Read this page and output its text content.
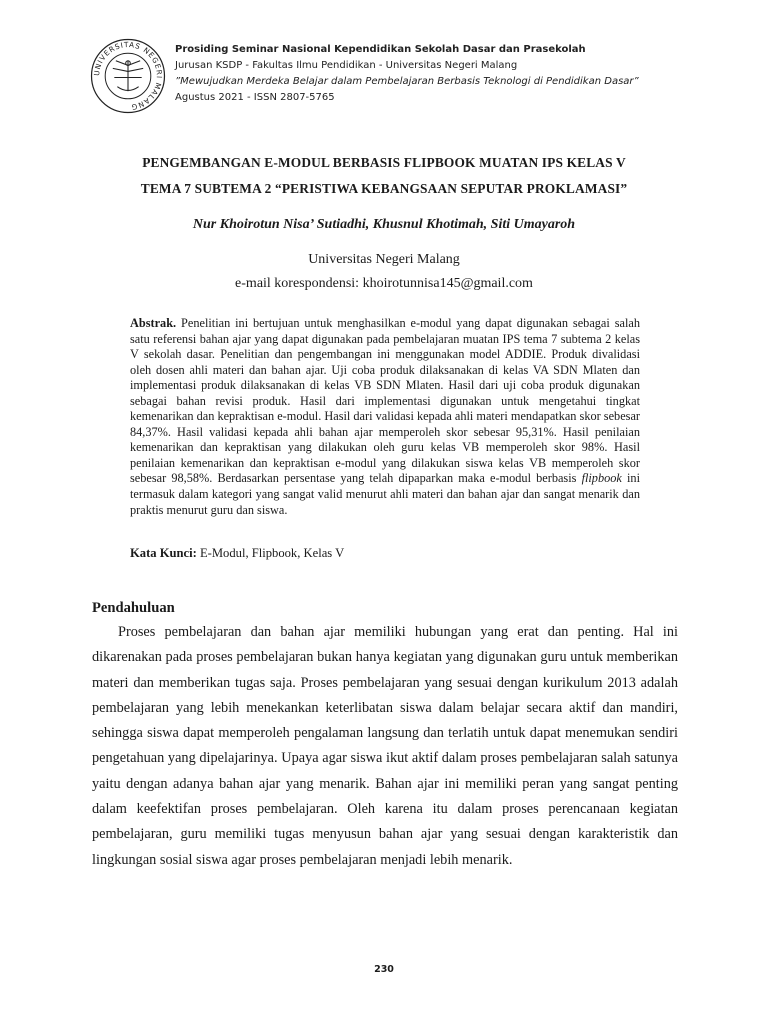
UNIVERSITAS NEGERI MALANG
Prosiding Seminar Nasional Kependidikan Sekolah Dasar dan Prasekolah
Jurusan KSDP - Fakultas Ilmu Pendidikan - Universitas Negeri Malang
”Mewujudkan Merdeka Belajar dalam Pembelajaran Berbasis Teknologi di Pendidikan Dasar”
Agustus 2021 - ISSN 2807-5765
PENGEMBANGAN E-MODUL BERBASIS FLIPBOOK MUATAN IPS KELAS V
TEMA 7 SUBTEMA 2 “PERISTIWA KEBANGSAAN SEPUTAR PROKLAMASI”
Nur Khoirotun Nisa’ Sutiadhi, Khusnul Khotimah, Siti Umayaroh
Universitas Negeri Malang
e-mail korespondensi: khoirotunnisa145@gmail.com
Abstrak. Penelitian ini bertujuan untuk menghasilkan e-modul yang dapat digunakan sebagai salah satu referensi bahan ajar yang dapat digunakan pada pembelajaran muatan IPS tema 7 subtema 2 kelas V sekolah dasar. Penelitian dan pengembangan ini menggunakan model ADDIE. Produk divalidasi oleh dosen ahli materi dan bahan ajar. Uji coba produk dilaksanakan di kelas VA SDN Mlaten dan implementasi produk dilaksanakan di kelas VB SDN Mlaten. Hasil dari uji coba produk digunakan sebagai bahan revisi produk. Hasil dari implementasi digunakan untuk mengetahui tingkat kemenarikan dan kepraktisan e-modul. Hasil dari validasi kepada ahli materi mendapatkan skor sebesar 84,37%. Hasil validasi kepada ahli bahan ajar memperoleh skor sebesar 95,31%. Hasil penilaian kemenarikan dan kepraktisan yang dilakukan oleh guru kelas VB memperoleh skor 98%. Hasil penilaian kemenarikan dan kepraktisan e-modul yang dilakukan siswa kelas VB memperoleh skor sebesar 98,58%. Berdasarkan persentase yang telah dipaparkan maka e-modul berbasis flipbook ini termasuk dalam kategori yang sangat valid menurut ahli materi dan bahan ajar dan sangat menarik dan praktis menurut guru dan siswa.
Kata Kunci: E-Modul, Flipbook, Kelas V
Pendahuluan
Proses pembelajaran dan bahan ajar memiliki hubungan yang erat dan penting. Hal ini dikarenakan pada proses pembelajaran bukan hanya kegiatan yang digunakan guru untuk memberikan materi dan memberikan tugas saja. Proses pembelajaran yang sesuai dengan kurikulum 2013 adalah pembelajaran yang lebih menekankan keterlibatan siswa dalam belajar secara aktif dan mandiri, sehingga siswa dapat memperoleh pengalaman langsung dan terlatih untuk dapat menemukan sendiri pengetahuan yang dipelajarinya. Upaya agar siswa ikut aktif dalam proses pembelajaran salah satunya yaitu dengan adanya bahan ajar yang menarik. Bahan ajar ini memiliki peran yang sangat penting dalam keefektifan proses pembelajaran. Oleh karena itu dalam proses perencanaan kegiatan pembelajaran, guru memiliki tugas menyusun bahan ajar yang sesuai dengan karakteristik dan lingkungan sosial siswa agar proses pembelajaran menjadi lebih menarik.
230
